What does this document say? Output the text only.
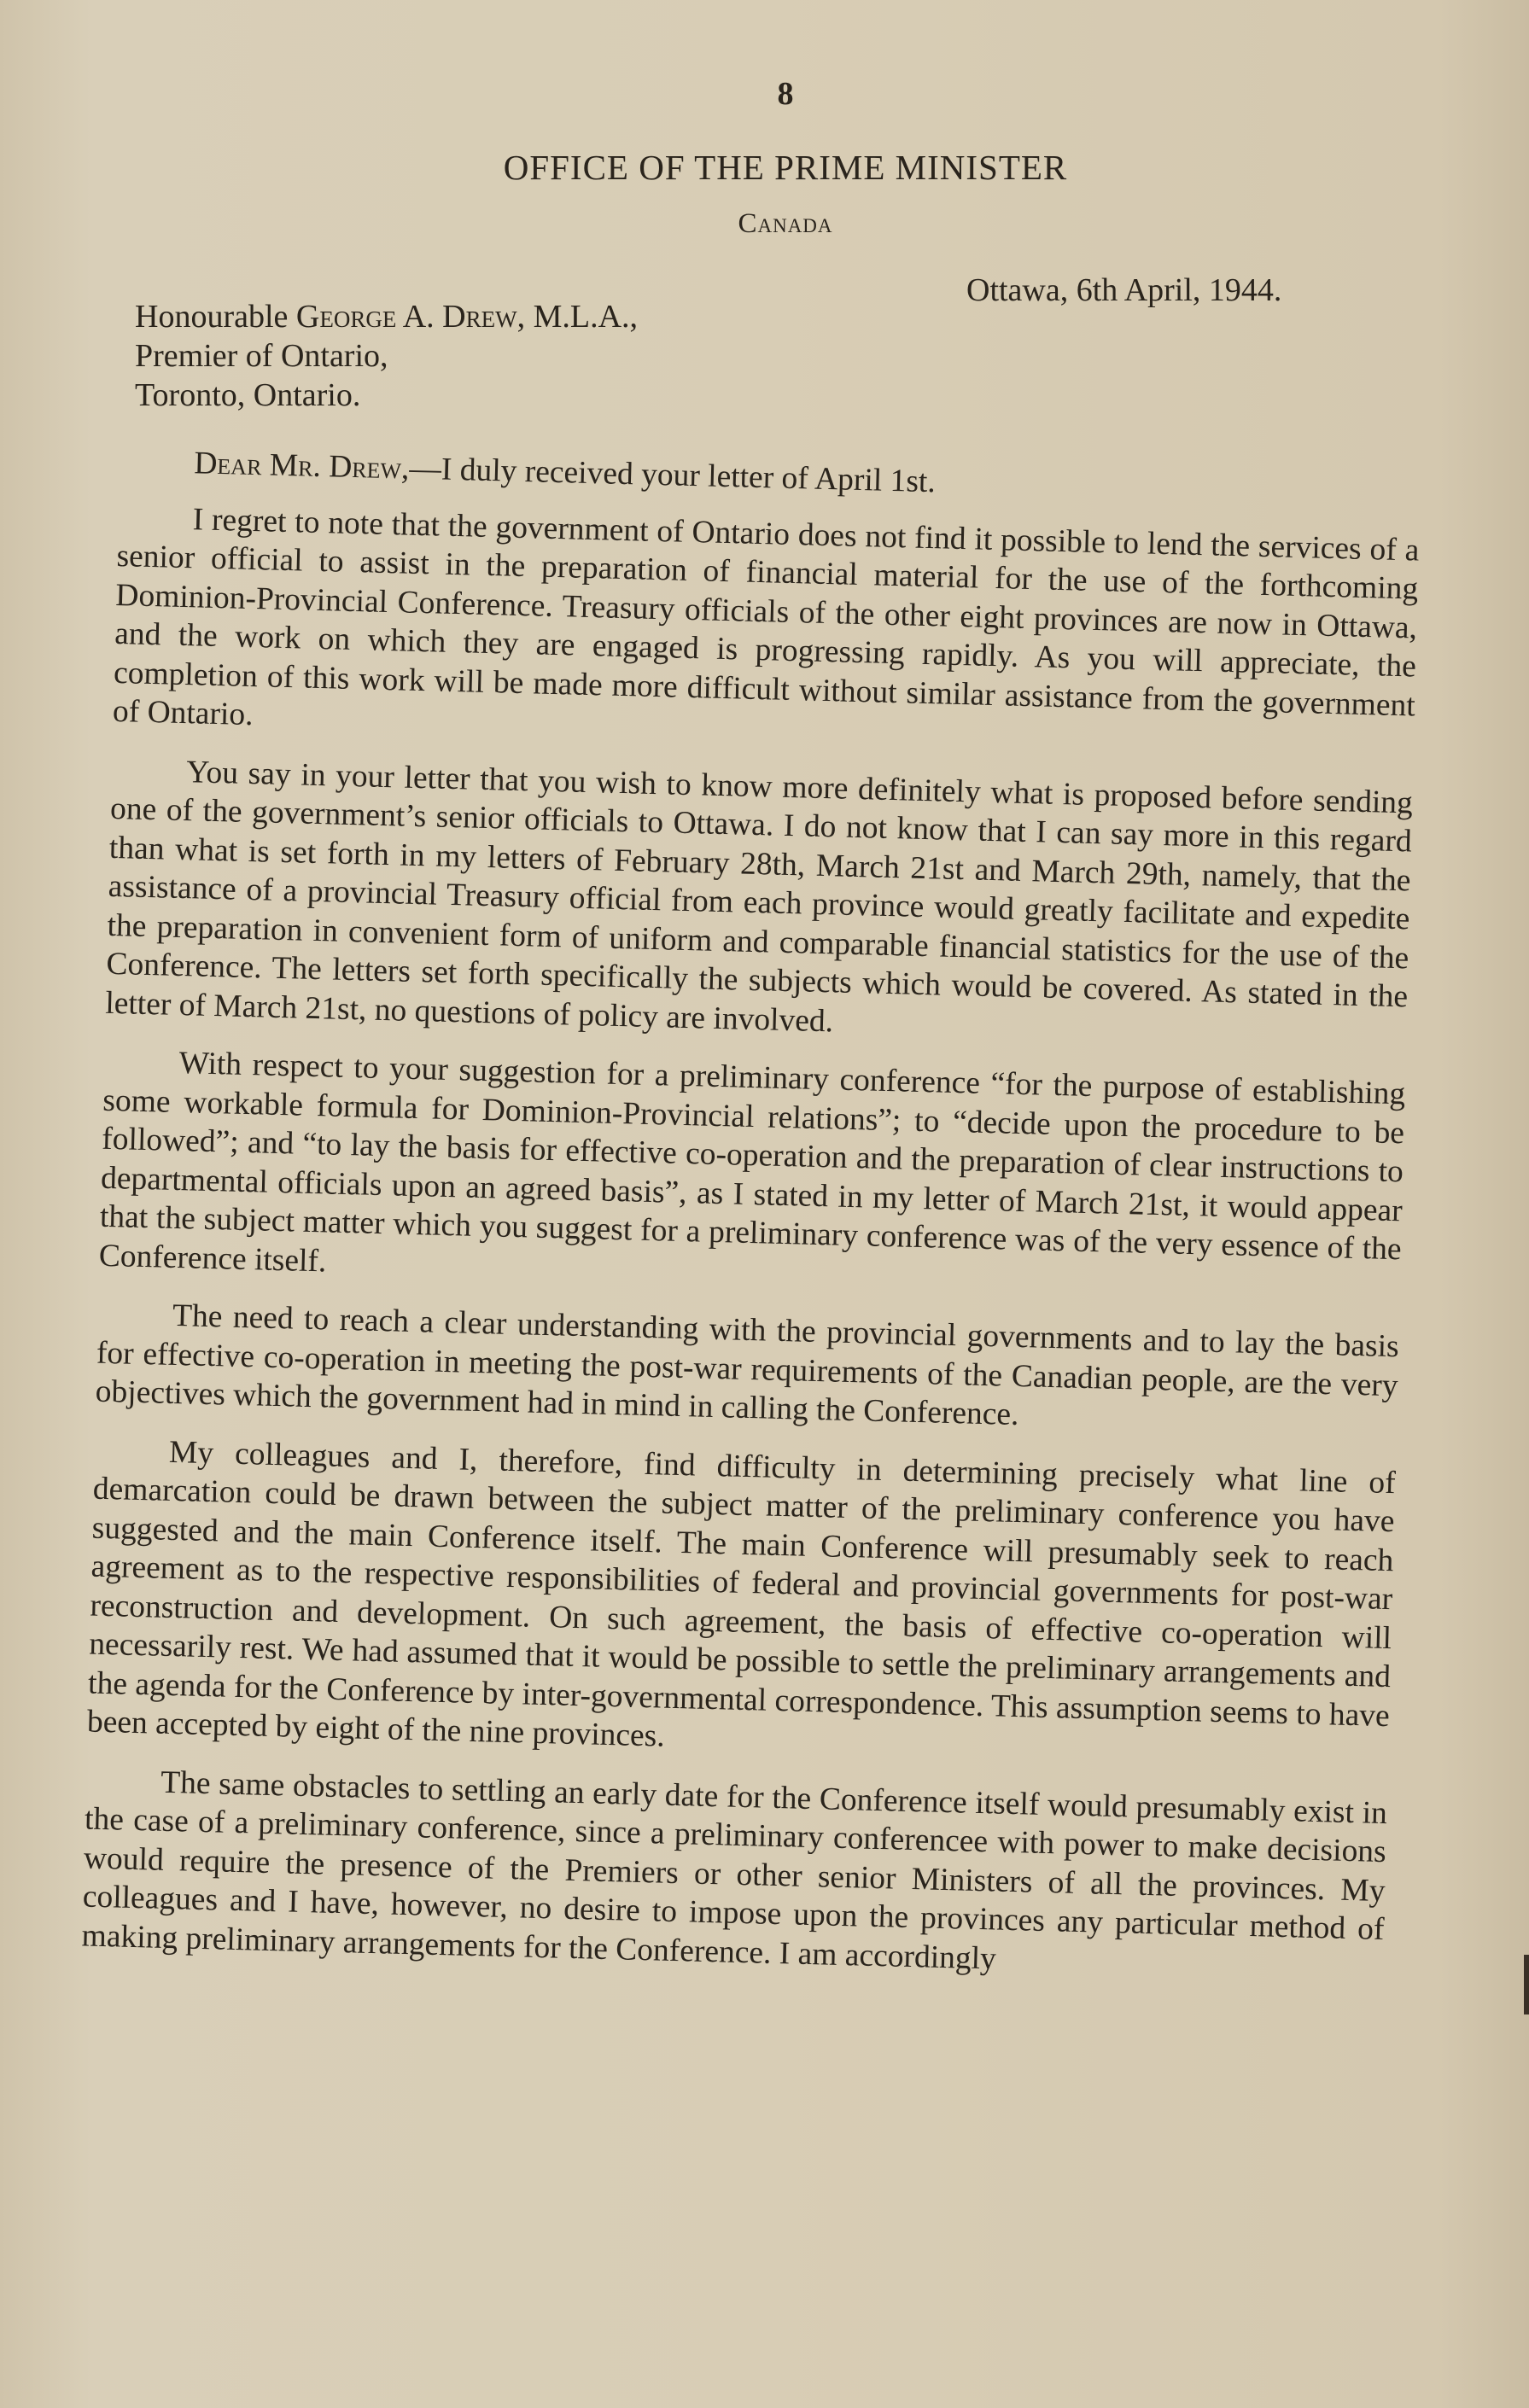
8
OFFICE OF THE PRIME MINISTER
Canada
Ottawa, 6th April, 1944.
Honourable George A. Drew, M.L.A.,
Premier of Ontario,
Toronto, Ontario.

Dear Mr. Drew,—I duly received your letter of April 1st.

I regret to note that the government of Ontario does not find it possible to lend the services of a senior official to assist in the preparation of financial material for the use of the forthcoming Dominion-Provincial Conference. Treasury officials of the other eight provinces are now in Ottawa, and the work on which they are engaged is progressing rapidly. As you will appreciate, the completion of this work will be made more difficult without similar assistance from the government of Ontario.

You say in your letter that you wish to know more definitely what is proposed before sending one of the government’s senior officials to Ottawa. I do not know that I can say more in this regard than what is set forth in my letters of February 28th, March 21st and March 29th, namely, that the assistance of a provincial Treasury official from each province would greatly facilitate and expedite the preparation in convenient form of uniform and comparable financial statistics for the use of the Conference. The letters set forth specifically the subjects which would be covered. As stated in the letter of March 21st, no questions of policy are involved.

With respect to your suggestion for a preliminary conference “for the purpose of establishing some workable formula for Dominion-Provincial relations”; to “decide upon the procedure to be followed”; and “to lay the basis for effective co-operation and the preparation of clear instructions to departmental officials upon an agreed basis”, as I stated in my letter of March 21st, it would appear that the subject matter which you suggest for a preliminary conference was of the very essence of the Conference itself.

The need to reach a clear understanding with the provincial governments and to lay the basis for effective co-operation in meeting the post-war requirements of the Canadian people, are the very objectives which the government had in mind in calling the Conference.

My colleagues and I, therefore, find difficulty in determining precisely what line of demarcation could be drawn between the subject matter of the preliminary conference you have suggested and the main Conference itself. The main Conference will presumably seek to reach agreement as to the respective responsibilities of federal and provincial governments for post-war reconstruction and development. On such agreement, the basis of effective co-operation will necessarily rest. We had assumed that it would be possible to settle the preliminary arrangements and the agenda for the Conference by inter-governmental correspondence. This assumption seems to have been accepted by eight of the nine provinces.

The same obstacles to settling an early date for the Conference itself would presumably exist in the case of a preliminary conference, since a preliminary conferencee with power to make decisions would require the presence of the Premiers or other senior Ministers of all the provinces. My colleagues and I have, however, no desire to impose upon the provinces any particular method of making preliminary arrangements for the Conference. I am accordingly
